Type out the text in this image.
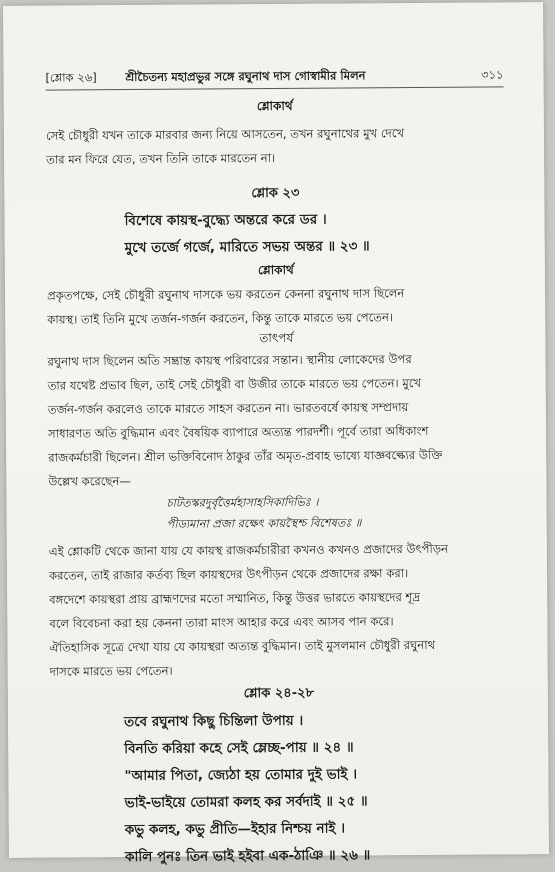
[শ্লোক ২৬]	শ্রীচৈতন্য মহাপ্রভুর সঙ্গে রঘুনাথ দাস গোস্বামীর মিলন	৩১১
শ্লোকার্থ
সেই চৌধুরী যখন তাকে মারবার জন্য নিয়ে আসতেন, তখন রঘুনাথের মুখ দেখে
তার মন ফিরে যেত, তখন তিনি তাকে মারতেন না।
শ্লোক ২৩
বিশেষে কায়স্থ-বুদ্ধ্যে অন্তরে করে ডর ।
মুখে তর্জে গর্জে, মারিতে সভয় অন্তর ॥ ২৩ ॥
শ্লোকার্থ
প্রকৃতপক্ষে, সেই চৌধুরী রঘুনাথ দাসকে ভয় করতেন কেননা রঘুনাথ দাস ছিলেন
কায়স্থ। তাই তিনি মুখে তর্জন-গর্জন করতেন, কিন্তু তাকে মারতে ভয় পেতেন।
তাৎপর্য
রঘুনাথ দাস ছিলেন অতি সম্ভ্রান্ত কায়স্থ পরিবারের সন্তান। স্থানীয় লোকেদের উপর
তার যথেষ্ট প্রভাব ছিল, তাই সেই চৌধুরী বা উজীর তাকে মারতে ভয় পেতেন। মুখে
তর্জন-গর্জন করলেও তাকে মারতে সাহস করতেন না। ভারতবর্ষে কায়স্থ সম্প্রদায়
সাধারণত অতি বুদ্ধিমান এবং বৈষয়িক ব্যাপারে অত্যন্ত পারদর্শী। পূর্বে তারা অধিকাংশ
রাজকর্মচারী ছিলেন। শ্রীল ভক্তিবিনোদ ঠাকুর তাঁর অমৃত-প্রবাহ ভাষ্যে যাজ্ঞবল্ক্যের উক্তি
উল্লেখ করেছেন—
চাটতস্করদুর্বৃত্তৈর্মহাসাহসিকাদিভিঃ ।
পীড্যমানা প্রজা রক্ষেৎ কায়স্থৈশ্চ বিশেষতঃ ॥
এই শ্লোকটি থেকে জানা যায় যে কায়স্থ রাজকর্মচারীরা কখনও কখনও প্রজাদের উৎপীড়ন
করতেন, তাই রাজার কর্তব্য ছিল কায়স্থদের উৎপীড়ন থেকে প্রজাদের রক্ষা করা।
বঙ্গদেশে কায়স্থরা প্রায় ব্রাহ্মণদের মতো সম্মানিত, কিন্তু উত্তর ভারতে কায়স্থদের শূদ্র
বলে বিবেচনা করা হয় কেননা তারা মাংস আহার করে এবং আসব পান করে।
ঐতিহাসিক সূত্রে দেখা যায় যে কায়স্থরা অত্যন্ত বুদ্ধিমান। তাই মুসলমান চৌধুরী রঘুনাথ
দাসকে মারতে ভয় পেতেন।
শ্লোক ২৪-২৮
তবে রঘুনাথ কিছু চিন্তিলা উপায় ।
বিনতি করিয়া কহে সেই ম্লেচ্ছ-পায় ॥ ২৪ ॥
"আমার পিতা, জ্যেঠা হয় তোমার দুই ভাই ।
ভাই-ভাইয়ে তোমরা কলহ কর সর্বদাই ॥ ২৫ ॥
কভু কলহ, কভু প্রীতি—ইহার নিশ্চয় নাই ।
কালি পুনঃ তিন ভাই হইবা এক-ঠাঞি ॥ ২৬ ॥
